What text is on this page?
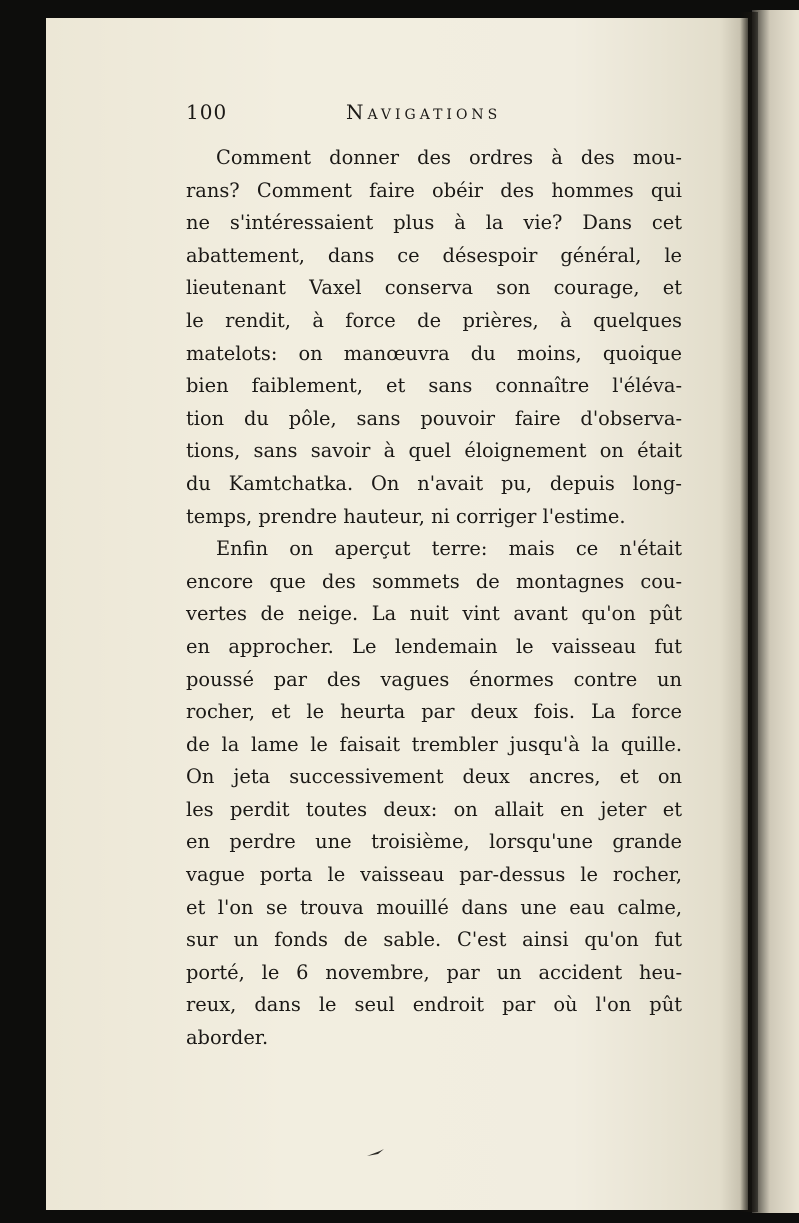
100	Navigations
Comment donner des ordres à des mou-
rans? Comment faire obéir des hommes qui
ne s'intéressaient plus à la vie? Dans cet
abattement, dans ce désespoir général, le
lieutenant Vaxel conserva son courage, et
le rendit, à force de prières, à quelques
matelots: on manœuvra du moins, quoique
bien faiblement, et sans connaître l'éléva-
tion du pôle, sans pouvoir faire d'observa-
tions, sans savoir à quel éloignement on était
du Kamtchatka. On n'avait pu, depuis long-
temps, prendre hauteur, ni corriger l'estime.
Enfin on aperçut terre: mais ce n'était
encore que des sommets de montagnes cou-
vertes de neige. La nuit vint avant qu'on pût
en approcher. Le lendemain le vaisseau fut
poussé par des vagues énormes contre un
rocher, et le heurta par deux fois. La force
de la lame le faisait trembler jusqu'à la quille.
On jeta successivement deux ancres, et on
les perdit toutes deux: on allait en jeter et
en perdre une troisième, lorsqu'une grande
vague porta le vaisseau par-dessus le rocher,
et l'on se trouva mouillé dans une eau calme,
sur un fonds de sable. C'est ainsi qu'on fut
porté, le 6 novembre, par un accident heu-
reux, dans le seul endroit par où l'on pût
aborder.
